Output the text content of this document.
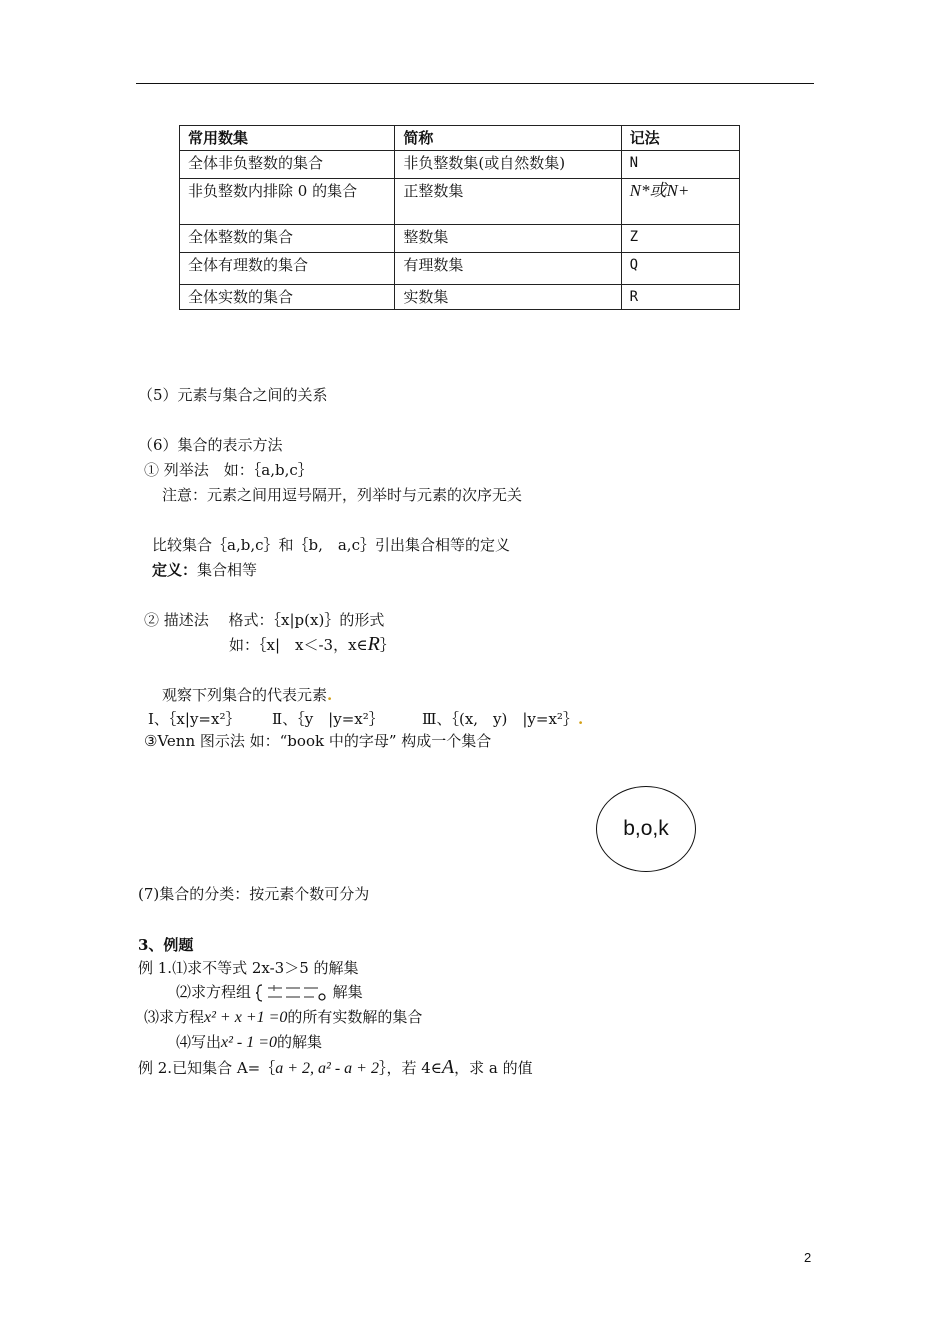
常用数集	简称	记法
全体非负整数的集合	非负整数集(或自然数集)	N
非负整数内排除 0 的集合	正整数集	N*或N+
全体整数的集合	整数集	Z
全体有理数的集合	有理数集	Q
全体实数的集合	实数集	R
（5）元素与集合之间的关系
（6）集合的表示方法
① 列举法　如：｛a,b,c｝
注意：元素之间用逗号隔开，列举时与元素的次序无关
比较集合｛a,b,c｝和｛b,　a,c｝引出集合相等的定义
定义：集合相等
② 描述法　 格式：｛x|p(x)｝的形式
如：｛x|　x＜-3，x∈R｝
观察下列集合的代表元素.
Ⅰ、｛x|y=x²｝ Ⅱ、｛y　|y=x²｝	Ⅲ、｛(x,　y)　|y=x²｝.
③Venn 图示法 如：“book 中的字母” 构成一个集合
b,o,k
(7)集合的分类：按元素个数可分为
3、例题
例 1.⑴求不等式 2x-3＞5 的解集
⑵求方程组	解集
⑶求方程x² + x +1 =0的所有实数解的集合
⑷写出x² - 1 =0的解集
例 2.已知集合 A=｛a + 2, a² - a + 2｝，若 4∈A，求 a 的值
2
